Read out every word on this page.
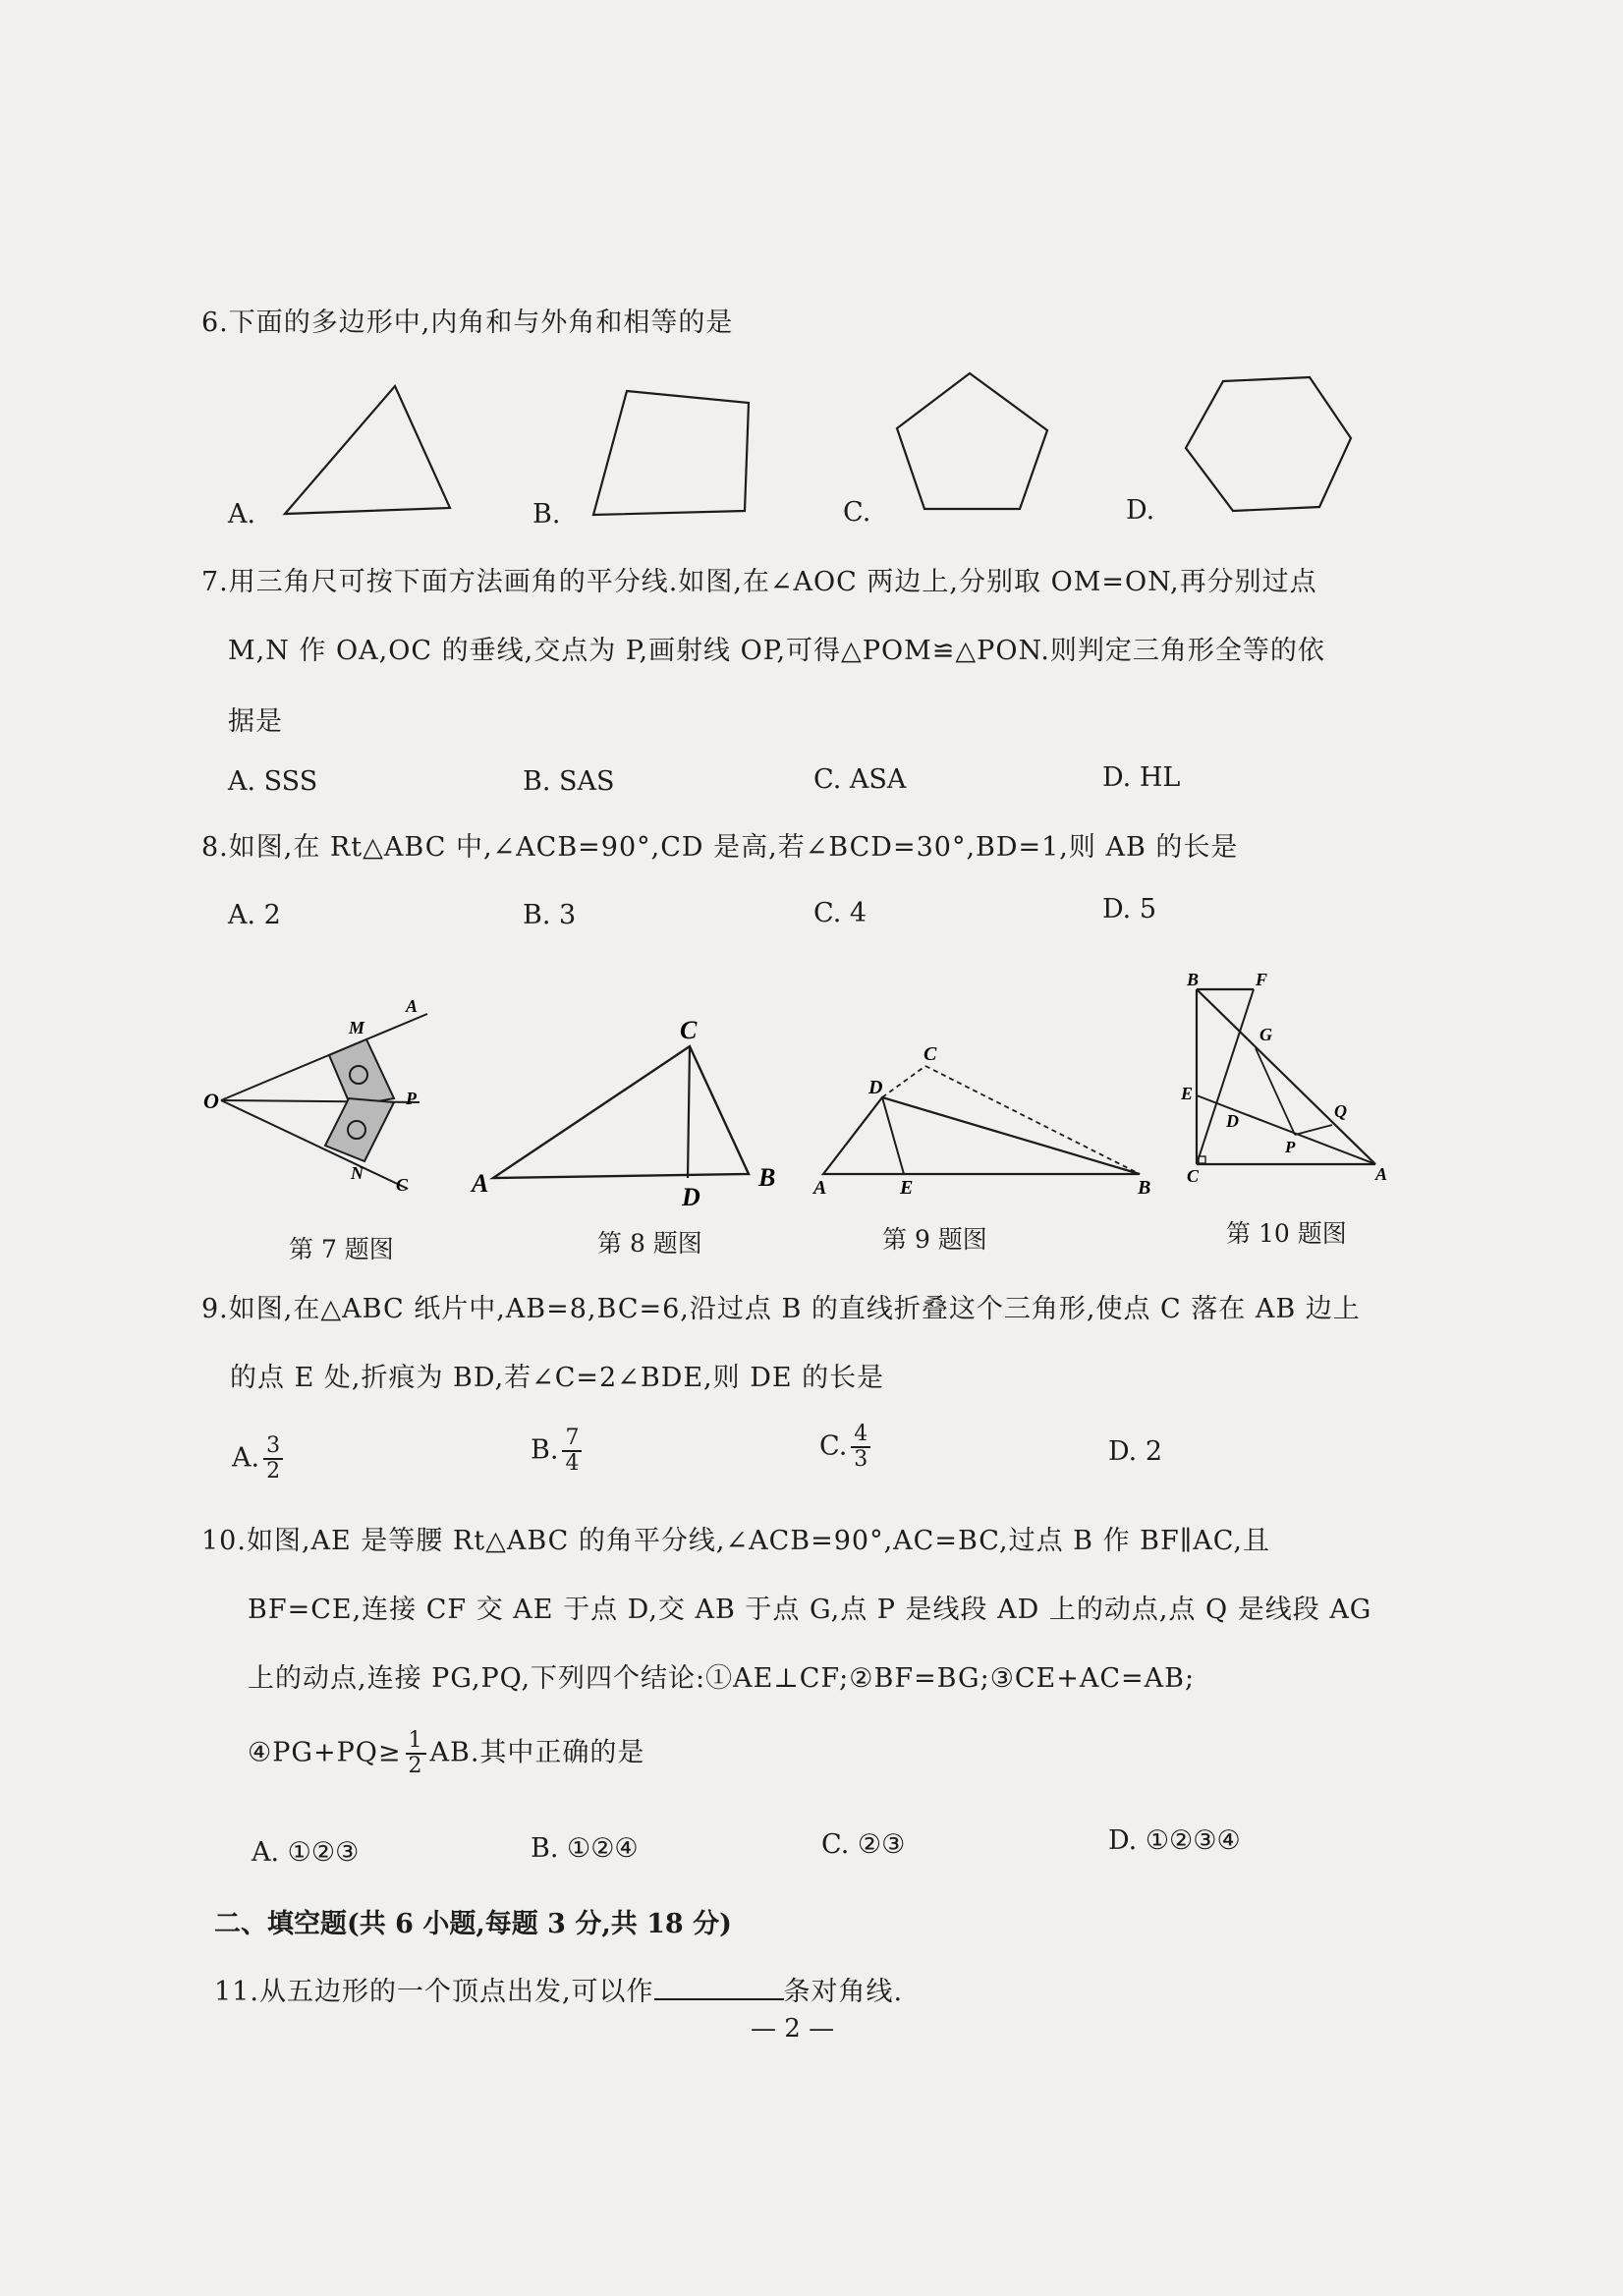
6.下面的多边形中,内角和与外角和相等的是
A.	B.	C.	D.
7.用三角尺可按下面方法画角的平分线.如图,在∠AOC 两边上,分别取 OM=ON,再分别过点
M,N 作 OA,OC 的垂线,交点为 P,画射线 OP,可得△POM≌△PON.则判定三角形全等的依
据是
A. SSS	B. SAS	C. ASA	D. HL
8.如图,在 Rt△ABC 中,∠ACB=90°,CD 是高,若∠BCD=30°,BD=1,则 AB 的长是
A. 2	B. 3	C. 4	D. 5
O
M
A
P
N
C
第 7 题图
A
C
D
B
第 8 题图
C
D
A	E	B
第 9 题图
B	F
G
E
D	Q
P
C	A
第 10 题图
9.如图,在△ABC 纸片中,AB=8,BC=6,沿过点 B 的直线折叠这个三角形,使点 C 落在 AB 边上
的点 E 处,折痕为 BD,若∠C=2∠BDE,则 DE 的长是
A. $\frac{3}{2}$	B. $\frac{7}{4}$	C. $\frac{4}{3}$	D. 2
10.如图,AE 是等腰 Rt△ABC 的角平分线,∠ACB=90°,AC=BC,过点 B 作 BF∥AC,且
BF=CE,连接 CF 交 AE 于点 D,交 AB 于点 G,点 P 是线段 AD 上的动点,点 Q 是线段 AG
上的动点,连接 PG,PQ,下列四个结论:①AE⊥CF;②BF=BG;③CE+AC=AB;
④PG+PQ≥ $\frac{1}{2}$ AB.其中正确的是
A. ①②③	B. ①②④	C. ②③	D. ①②③④
二、填空题(共 6 小题,每题 3 分,共 18 分)
11.从五边形的一个顶点出发,可以作	条对角线.
— 2 —
